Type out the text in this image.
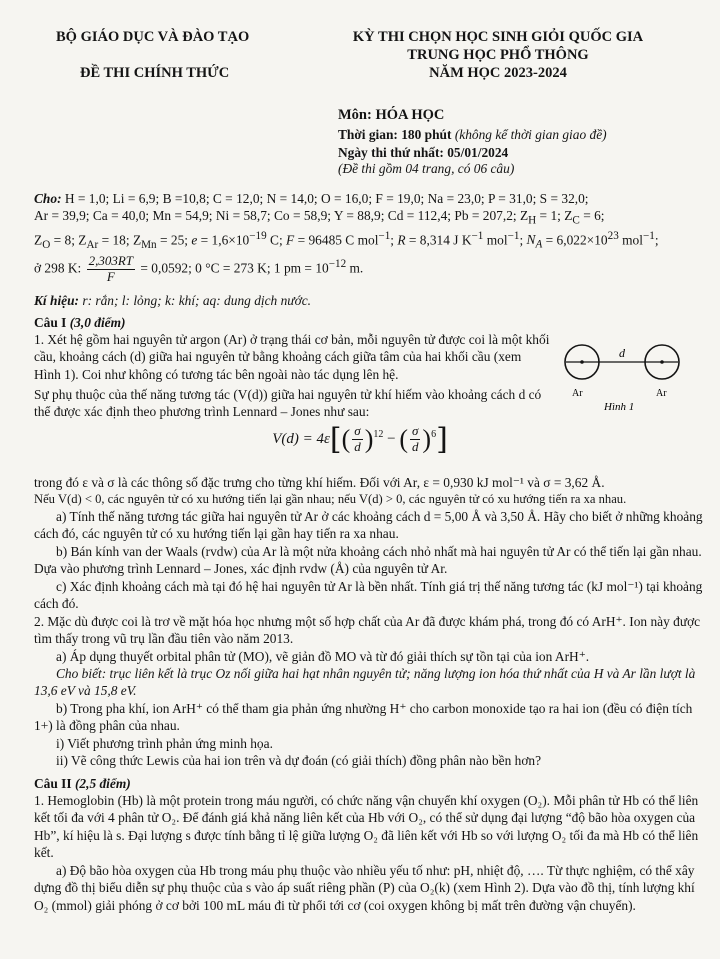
BỘ GIÁO DỤC VÀ ĐÀO TẠO
ĐỀ THI CHÍNH THỨC
KỲ THI CHỌN HỌC SINH GIỎI QUỐC GIA
TRUNG HỌC PHỔ THÔNG
NĂM HỌC 2023-2024
Môn: HÓA HỌC
Thời gian: 180 phút (không kể thời gian giao đề)
Ngày thi thứ nhất: 05/01/2024
(Đề thi gồm 04 trang, có 06 câu)

Cho: H = 1,0; Li = 6,9; B =10,8; C = 12,0; N = 14,0; O = 16,0; F = 19,0; Na = 23,0; P = 31,0; S = 32,0;

Ar = 39,9; Ca = 40,0; Mn = 54,9; Ni = 58,7; Co = 58,9; Y = 88,9; Cd = 112,4; Pb = 207,2; $Z_H = 1$; $Z_C = 6$;

$Z_O = 8$; $Z_{Ar} = 18$; $Z_{Mn} = 25$; $e = 1,6\times 10^{-19}$ C; F = 96485 C mol$^{-1}$; R = 8,314 J $K^{-1}$ mol$^{-1}$; $N_A = 6,022\times 10^{23}$ mol$^{-1}$;

ở 298 K: $\frac{2,303RT}{F} = 0,0592$; 0 °C = 273 K; 1 pm = $10^{-12}$ m.

Kí hiệu: r: rắn; l: lỏng; k: khí; aq: dung dịch nước.
Câu I (3,0 điểm)
1. Xét hệ gồm hai nguyên tử argon (Ar) ở trạng thái cơ bản, mỗi nguyên tử được coi là một khối cầu, khoảng cách (d) giữa hai nguyên tử bằng khoảng cách giữa tâm của hai khối cầu (xem Hình 1). Coi như không có tương tác bên ngoài nào tác dụng lên hệ.
Sự phụ thuộc của thế năng tương tác (V(d)) giữa hai nguyên tử khí hiếm vào khoảng cách d có thể được xác định theo phương trình Lennard – Jones như sau:
d
Ar	Ar
Hình 1
$V(d) = 4\varepsilon[( \frac{\sigma}{d} )^{12}$ − ( $\frac{\sigma}{d} )^6$]
trong đó ε và σ là các thông số đặc trưng cho từng khí hiếm. Đối với Ar, ε = 0,930 kJ mol⁻¹ và σ = 3,62 Å.
Nếu V(d) < 0, các nguyên tử có xu hướng tiến lại gần nhau; nếu V(d) > 0, các nguyên tử có xu hướng tiến ra xa nhau.
a) Tính thế năng tương tác giữa hai nguyên tử Ar ở các khoảng cách d = 5,00 Å và 3,50 Å. Hãy cho biết ở những khoảng cách đó, các nguyên tử có xu hướng tiến lại gần hay tiến ra xa nhau.
b) Bán kính van der Waals (rvdw) của Ar là một nửa khoảng cách nhỏ nhất mà hai nguyên tử Ar có thể tiến lại gần nhau. Dựa vào phương trình Lennard – Jones, xác định rvdw (Å) của nguyên tử Ar.
c) Xác định khoảng cách mà tại đó hệ hai nguyên tử Ar là bền nhất. Tính giá trị thế năng tương tác (kJ mol⁻¹) tại khoảng cách đó.
2. Mặc dù được coi là trơ về mặt hóa học nhưng một số hợp chất của Ar đã được khám phá, trong đó có ArH⁺. Ion này được tìm thấy trong vũ trụ lần đầu tiên vào năm 2013.
a) Áp dụng thuyết orbital phân tử (MO), vẽ giản đồ MO và từ đó giải thích sự tồn tại của ion ArH⁺.
Cho biết: trục liên kết là trục Oz nối giữa hai hạt nhân nguyên tử; năng lượng ion hóa thứ nhất của H và Ar lần lượt là 13,6 eV và 15,8 eV.
b) Trong pha khí, ion ArH⁺ có thể tham gia phản ứng nhường H⁺ cho carbon monoxide tạo ra hai ion (đều có điện tích 1+) là đồng phân của nhau.
i) Viết phương trình phản ứng minh họa.
ii) Vẽ công thức Lewis của hai ion trên và dự đoán (có giải thích) đồng phân nào bền hơn?
Câu II (2,5 điểm)
1. Hemoglobin (Hb) là một protein trong máu người, có chức năng vận chuyển khí oxygen (O₂). Mỗi phân tử Hb có thể liên kết tối đa với 4 phân tử O₂. Để đánh giá khả năng liên kết của Hb với O₂, có thể sử dụng đại lượng “độ bão hòa oxygen của Hb”, kí hiệu là s. Đại lượng s được tính bằng tỉ lệ giữa lượng O₂ đã liên kết với Hb so với lượng O₂ tối đa mà Hb có thể liên kết.
a) Độ bão hòa oxygen của Hb trong máu phụ thuộc vào nhiều yếu tố như: pH, nhiệt độ, …. Từ thực nghiệm, có thể xây dựng đồ thị biểu diễn sự phụ thuộc của s vào áp suất riêng phần (P) của O₂(k) (xem Hình 2). Dựa vào đồ thị, tính lượng khí O₂ (mmol) giải phóng ở cơ bởi 100 mL máu đi từ phổi tới cơ (coi oxygen không bị mất trên đường vận chuyển).
